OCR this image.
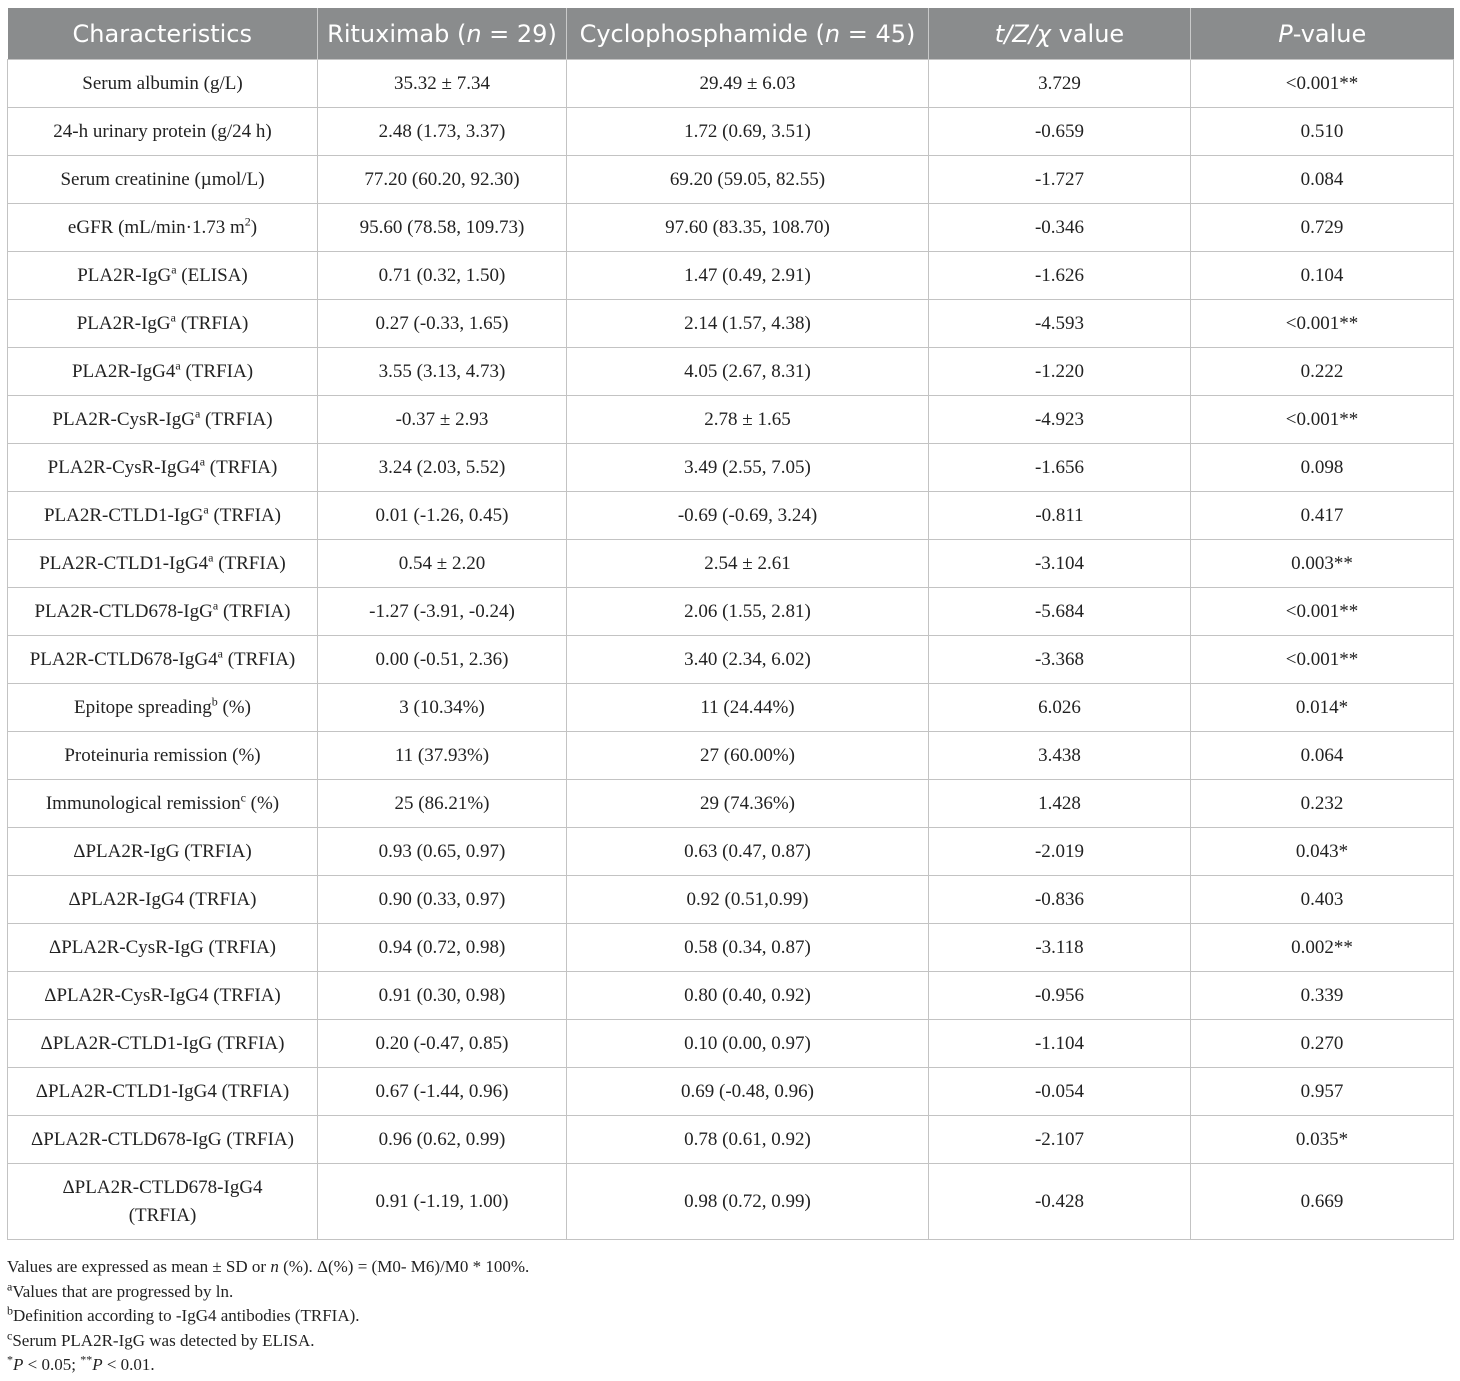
Characteristics	Rituximab (n = 29)	Cyclophosphamide (n = 45)	t/Z/χ value	P-value
Serum albumin (g/L)	35.32 ± 7.34	29.49 ± 6.03	3.729	<0.001**
24-h urinary protein (g/24 h)	2.48 (1.73, 3.37)	1.72 (0.69, 3.51)	-0.659	0.510
Serum creatinine (µmol/L)	77.20 (60.20, 92.30)	69.20 (59.05, 82.55)	-1.727	0.084
eGFR (mL/min·1.73 $m^2$)	95.60 (78.58, 109.73)	97.60 (83.35, 108.70)	-0.346	0.729
PLA2R-IgG$^a$ (ELISA)	0.71 (0.32, 1.50)	1.47 (0.49, 2.91)	-1.626	0.104
PLA2R-IgG$^a$ (TRFIA)	0.27 (-0.33, 1.65)	2.14 (1.57, 4.38)	-4.593	<0.001**
PLA2R-IgG4$^a$ (TRFIA)	3.55 (3.13, 4.73)	4.05 (2.67, 8.31)	-1.220	0.222
PLA2R-CysR-IgG$^a$ (TRFIA)	-0.37 ± 2.93	2.78 ± 1.65	-4.923	<0.001**
PLA2R-CysR-IgG4$^a$ (TRFIA)	3.24 (2.03, 5.52)	3.49 (2.55, 7.05)	-1.656	0.098
PLA2R-CTLD1-IgG$^a$ (TRFIA)	0.01 (-1.26, 0.45)	-0.69 (-0.69, 3.24)	-0.811	0.417
PLA2R-CTLD1-IgG4$^a$ (TRFIA)	0.54 ± 2.20	2.54 ± 2.61	-3.104	0.003**
PLA2R-CTLD678-IgG$^a$ (TRFIA)	-1.27 (-3.91, -0.24)	2.06 (1.55, 2.81)	-5.684	<0.001**
PLA2R-CTLD678-IgG4$^a$ (TRFIA)	0.00 (-0.51, 2.36)	3.40 (2.34, 6.02)	-3.368	<0.001**
Epitope spreading$^b$ (%)	3 (10.34%)	11 (24.44%)	6.026	0.014*
Proteinuria remission (%)	11 (37.93%)	27 (60.00%)	3.438	0.064
Immunological remission$^c$ (%)	25 (86.21%)	29 (74.36%)	1.428	0.232
ΔPLA2R-IgG (TRFIA)	0.93 (0.65, 0.97)	0.63 (0.47, 0.87)	-2.019	0.043*
ΔPLA2R-IgG4 (TRFIA)	0.90 (0.33, 0.97)	0.92 (0.51,0.99)	-0.836	0.403
ΔPLA2R-CysR-IgG (TRFIA)	0.94 (0.72, 0.98)	0.58 (0.34, 0.87)	-3.118	0.002**
ΔPLA2R-CysR-IgG4 (TRFIA)	0.91 (0.30, 0.98)	0.80 (0.40, 0.92)	-0.956	0.339
ΔPLA2R-CTLD1-IgG (TRFIA)	0.20 (-0.47, 0.85)	0.10 (0.00, 0.97)	-1.104	0.270
ΔPLA2R-CTLD1-IgG4 (TRFIA)	0.67 (-1.44, 0.96)	0.69 (-0.48, 0.96)	-0.054	0.957
ΔPLA2R-CTLD678-IgG (TRFIA)	0.96 (0.62, 0.99)	0.78 (0.61, 0.92)	-2.107	0.035*
ΔPLA2R-CTLD678-IgG4
(TRFIA)	0.91 (-1.19, 1.00)	0.98 (0.72, 0.99)	-0.428	0.669
Values are expressed as mean ± SD or n (%). Δ(%) = (M0- M6)/M0 * 100%.
$^a$Values that are progressed by ln.
$^b$Definition according to -IgG4 antibodies (TRFIA).
$^c$Serum PLA2R-IgG was detected by ELISA.
*P < 0.05; **P < 0.01.
